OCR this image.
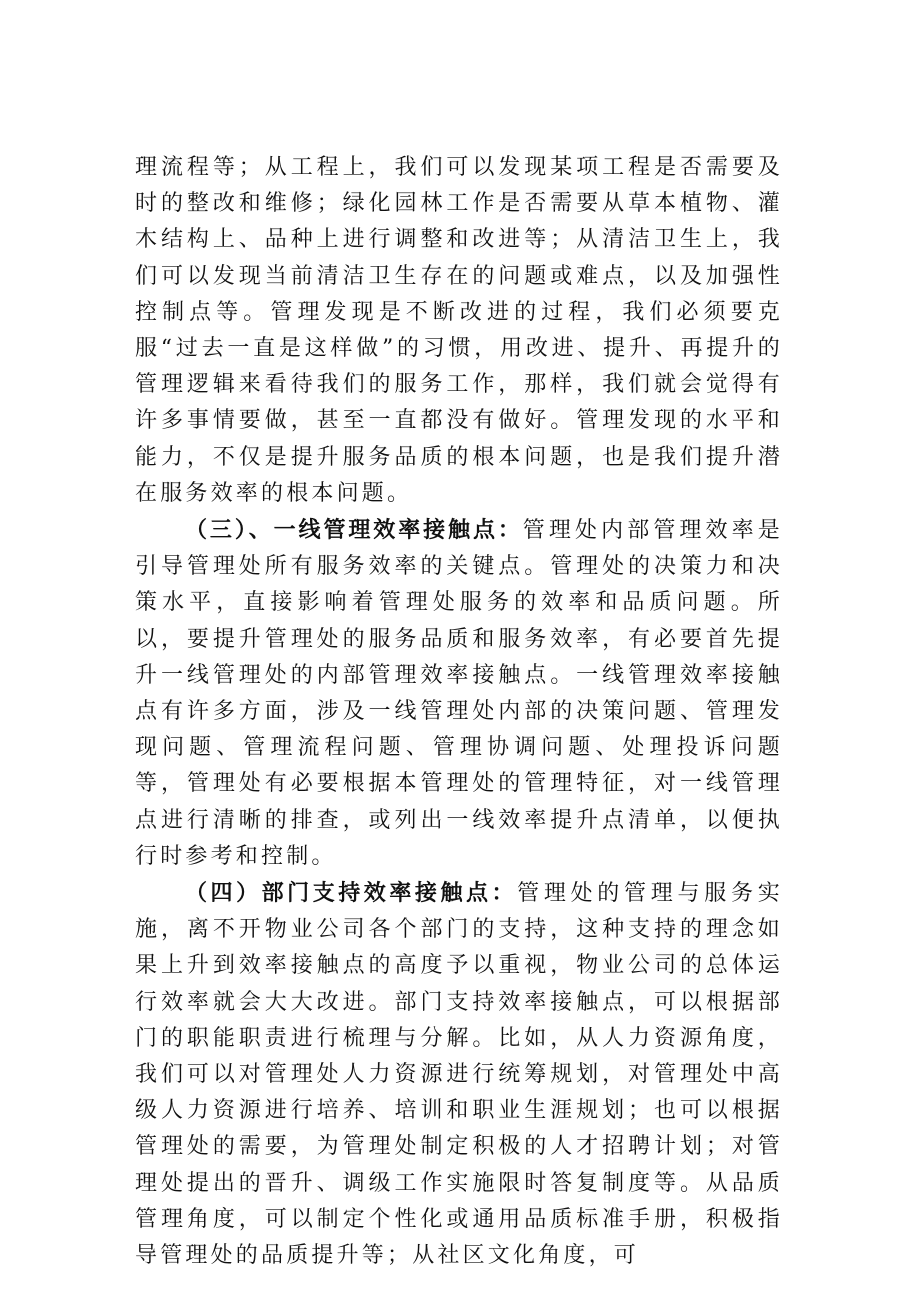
理流程等；从工程上，我们可以发现某项工程是否需要及时的整改和维修；绿化园林工作是否需要从草本植物、灌木结构上、品种上进行调整和改进等；从清洁卫生上，我们可以发现当前清洁卫生存在的问题或难点，以及加强性控制点等。管理发现是不断改进的过程，我们必须要克服“过去一直是这样做”的习惯，用改进、提升、再提升的管理逻辑来看待我们的服务工作，那样，我们就会觉得有许多事情要做，甚至一直都没有做好。管理发现的水平和能力，不仅是提升服务品质的根本问题，也是我们提升潜在服务效率的根本问题。

（三）、一线管理效率接触点：管理处内部管理效率是引导管理处所有服务效率的关键点。管理处的决策力和决策水平，直接影响着管理处服务的效率和品质问题。所以，要提升管理处的服务品质和服务效率，有必要首先提升一线管理处的内部管理效率接触点。一线管理效率接触点有许多方面，涉及一线管理处内部的决策问题、管理发现问题、管理流程问题、管理协调问题、处理投诉问题等，管理处有必要根据本管理处的管理特征，对一线管理点进行清晰的排查，或列出一线效率提升点清单，以便执行时参考和控制。

（四）部门支持效率接触点：管理处的管理与服务实施，离不开物业公司各个部门的支持，这种支持的理念如果上升到效率接触点的高度予以重视，物业公司的总体运行效率就会大大改进。部门支持效率接触点，可以根据部门的职能职责进行梳理与分解。比如，从人力资源角度，我们可以对管理处人力资源进行统筹规划，对管理处中高级人力资源进行培养、培训和职业生涯规划；也可以根据管理处的需要，为管理处制定积极的人才招聘计划；对管理处提出的晋升、调级工作实施限时答复制度等。从品质管理角度，可以制定个性化或通用品质标准手册，积极指导管理处的品质提升等；从社区文化角度，可
